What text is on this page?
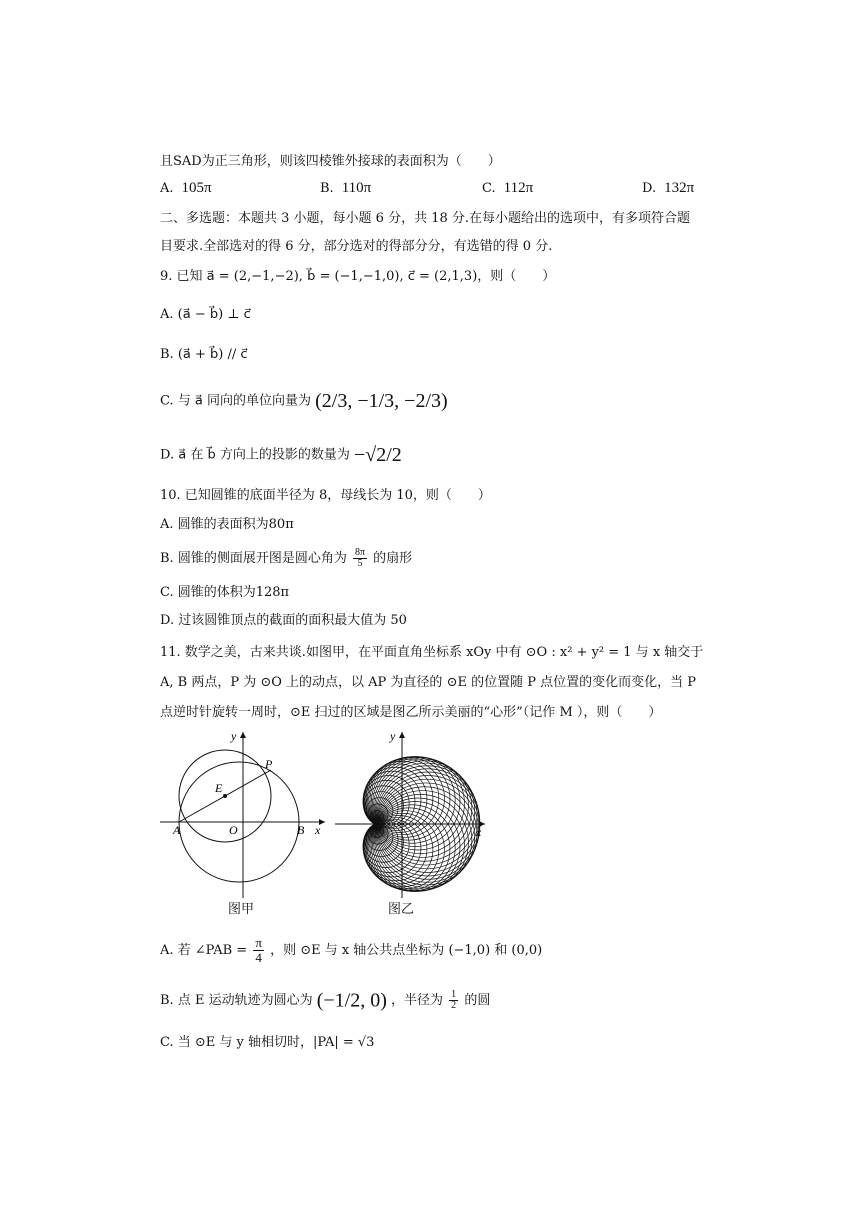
且SAD为正三角形，则该四棱锥外接球的表面积为（　　）
A. 105π	B. 110π	C. 112π	D. 132π
二、多选题：本题共 3 小题，每小题 6 分，共 18 分.在每小题给出的选项中，有多项符合题
目要求.全部选对的得 6 分，部分选对的得部分分，有选错的得 0 分.
9. 已知 a⃗ = (2,−1,−2), b⃗ = (−1,−1,0), c⃗ = (2,1,3)，则（　　）
A. (a⃗ − b⃗) ⊥ c⃗
B. (a⃗ + b⃗) // c⃗
C. 与 a⃗ 同向的单位向量为 (2/3, −1/3, −2/3)
D. a⃗ 在 b⃗ 方向上的投影的数量为 −√2/2
10. 已知圆锥的底面半径为 8，母线长为 10，则（　　）
A. 圆锥的表面积为80π
B. 圆锥的侧面展开图是圆心角为 $\frac{8\pi}{5}$ 的扇形
C. 圆锥的体积为128π
D. 过该圆锥顶点的截面的面积最大值为 50
11. 数学之美，古来共谈.如图甲，在平面直角坐标系 xOy 中有 ⊙O : x² + y² = 1 与 x 轴交于
A, B 两点，P 为 ⊙O 上的动点，以 AP 为直径的 ⊙E 的位置随 P 点位置的变化而变化，当 P
点逆时针旋转一周时，⊙E 扫过的区域是图乙所示美丽的“心形”（记作 M ），则（　　）
x
y
P
E
A	O	B
图甲
x
y
图乙
A. 若 ∠PAB = $\frac{\pi}{4}$ ，则 ⊙E 与 x 轴公共点坐标为 (−1,0) 和 (0,0)
B. 点 E 运动轨迹为圆心为 (−1/2, 0) ，半径为 $\frac{1}{2}$ 的圆
C. 当 ⊙E 与 y 轴相切时，|PA| = √3
